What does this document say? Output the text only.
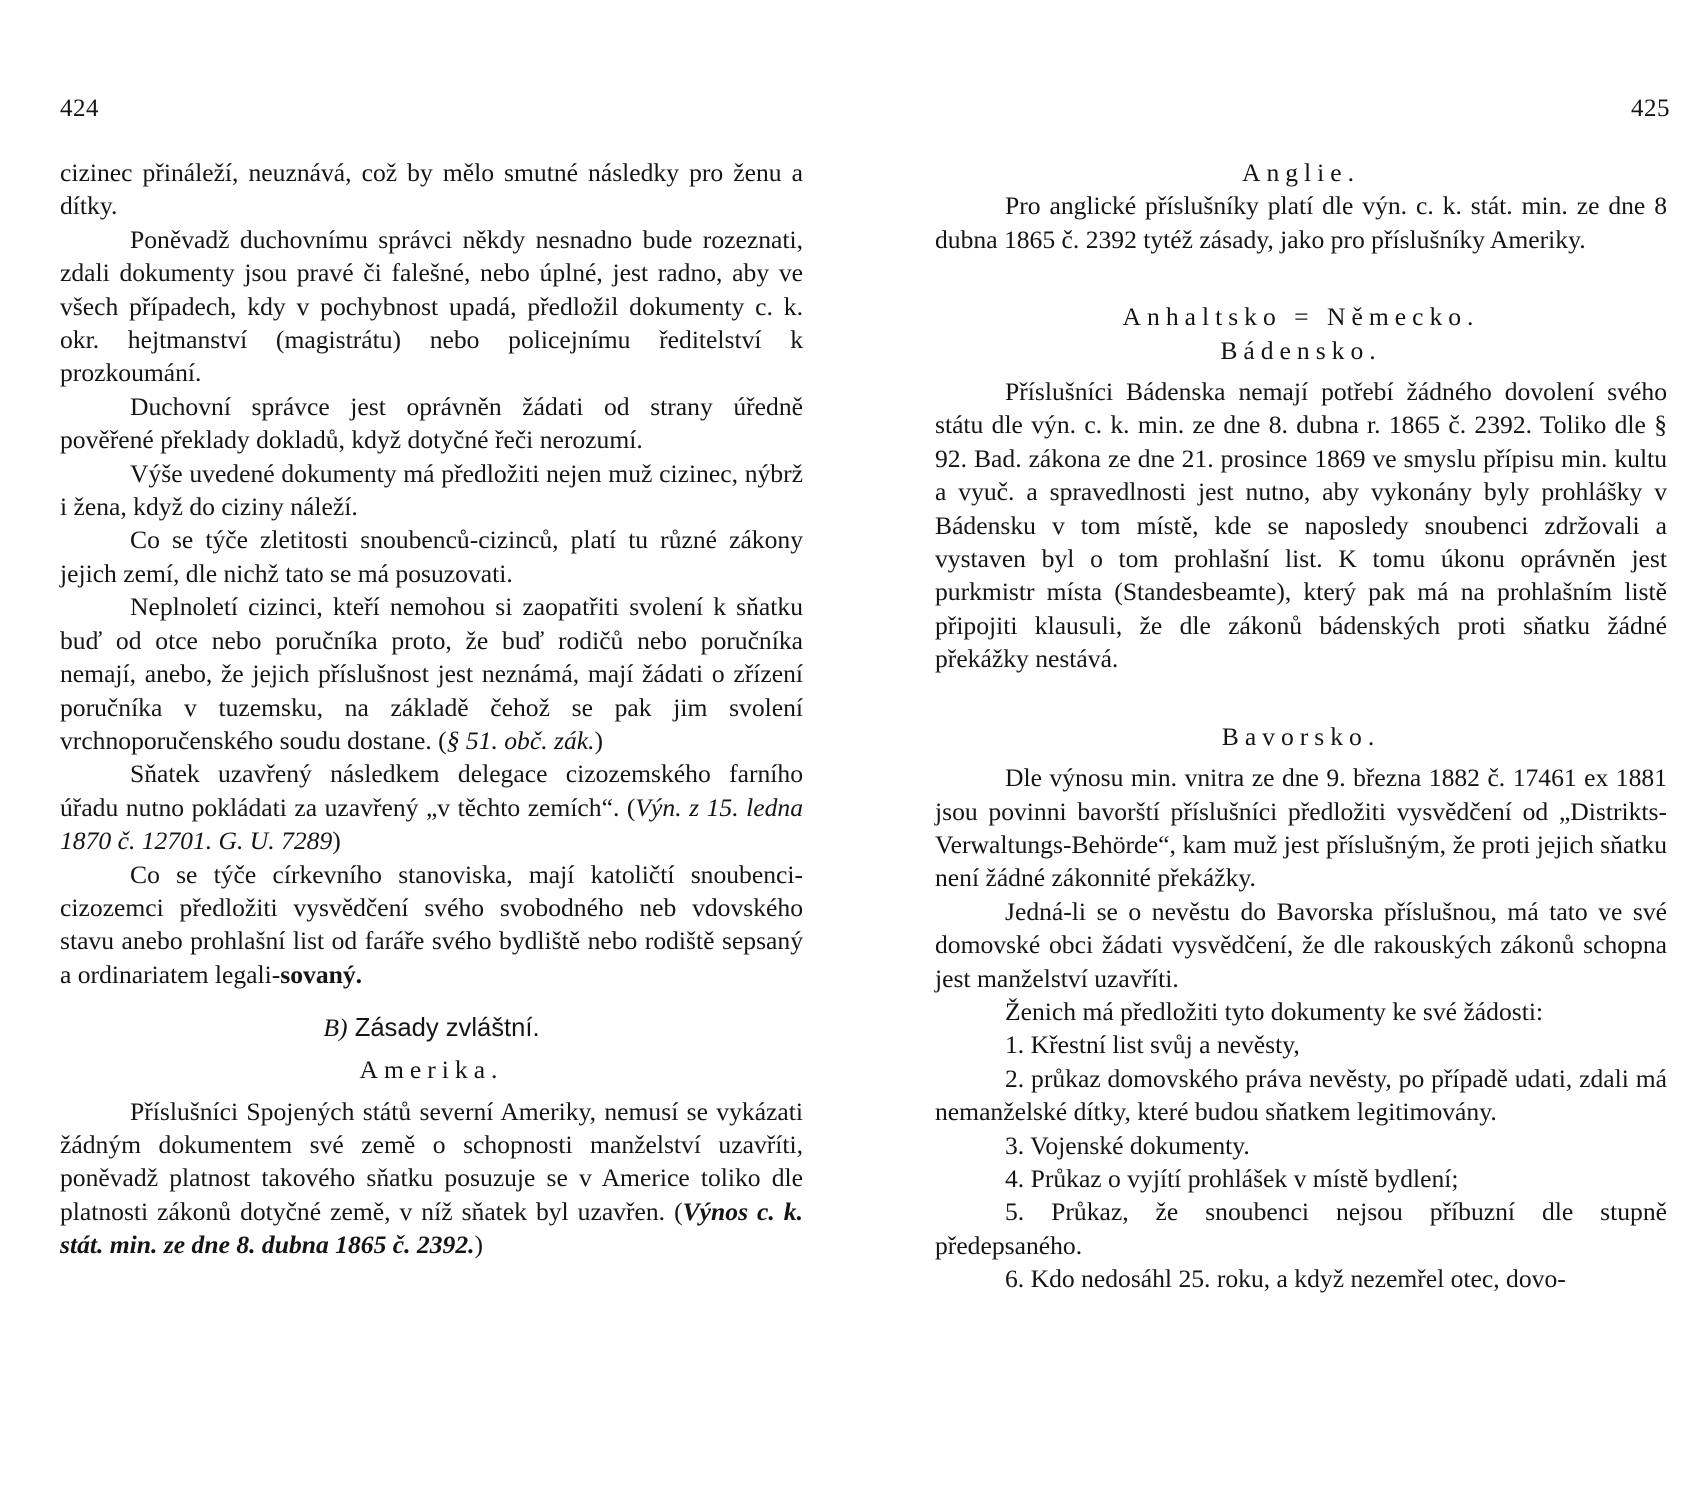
424	425

cizinec přináleží, neuznává, což by mělo smutné následky pro ženu a dítky.

Poněvadž duchovnímu správci někdy nesnadno bude rozeznati, zdali dokumenty jsou pravé či falešné, nebo úplné, jest radno, aby ve všech případech, kdy v pochybnost upadá, předložil dokumenty c. k. okr. hejtmanství (magistrátu) nebo policejnímu ředitelství k prozkoumání.

Duchovní správce jest oprávněn žádati od strany úředně pověřené překlady dokladů, když dotyčné řeči nerozumí.

Výše uvedené dokumenty má předložiti nejen muž cizinec, nýbrž i žena, když do ciziny náleží.

Co se týče zletitosti snoubenců-cizinců, platí tu různé zákony jejich zemí, dle nichž tato se má posuzovati.

Neplnoletí cizinci, kteří nemohou si zaopatřiti svolení k sňatku buď od otce nebo poručníka proto, že buď rodičů nebo poručníka nemají, anebo, že jejich příslušnost jest neznámá, mají žádati o zřízení poručníka v tuzemsku, na základě čehož se pak jim svolení vrchnoporučenského soudu dostane. (§ 51. obč. zák.)

Sňatek uzavřený následkem delegace cizozemského farního úřadu nutno pokládati za uzavřený „v těchto zemích“. (Výn. z 15. ledna 1870 č. 12701. G. U. 7289)

Co se týče církevního stanoviska, mají katoličtí snoubenci-cizozemci předložiti vysvědčení svého svobodného neb vdovského stavu anebo prohlašní list od faráře svého bydliště nebo rodiště sepsaný a ordinariatem legali-sovaný.

B) Zásady zvláštní.

Amerika.

Příslušníci Spojených států severní Ameriky, nemusí se vykázati žádným dokumentem své země o schopnosti manželství uzavříti, poněvadž platnost takového sňatku posuzuje se v Americe toliko dle platnosti zákonů dotyčné země, v níž sňatek byl uzavřen. (Výnos c. k. stát. min. ze dne 8. dubna 1865 č. 2392.)

Anglie.

Pro anglické příslušníky platí dle výn. c. k. stát. min. ze dne 8 dubna 1865 č. 2392 tytéž zásady, jako pro příslušníky Ameriky.

Anhaltsko = Německo.

Bádensko.

Příslušníci Bádenska nemají potřebí žádného dovolení svého státu dle výn. c. k. min. ze dne 8. dubna r. 1865 č. 2392. Toliko dle § 92. Bad. zákona ze dne 21. prosince 1869 ve smyslu přípisu min. kultu a vyuč. a spravedlnosti jest nutno, aby vykonány byly prohlášky v Bádensku v tom místě, kde se naposledy snoubenci zdržovali a vystaven byl o tom prohlašní list. K tomu úkonu oprávněn jest purkmistr místa (Standesbeamte), který pak má na prohlašním listě připojiti klausuli, že dle zákonů bádenských proti sňatku žádné překážky nestává.

Bavorsko.

Dle výnosu min. vnitra ze dne 9. března 1882 č. 17461 ex 1881 jsou povinni bavorští příslušníci předložiti vysvědčení od „Distrikts-Verwaltungs-Behörde“, kam muž jest příslušným, že proti jejich sňatku není žádné zákonnité překážky.

Jedná-li se o nevěstu do Bavorska příslušnou, má tato ve své domovské obci žádati vysvědčení, že dle rakouských zákonů schopna jest manželství uzavříti.

Ženich má předložiti tyto dokumenty ke své žádosti:

1. Křestní list svůj a nevěsty,

2. průkaz domovského práva nevěsty, po případě udati, zdali má nemanželské dítky, které budou sňatkem legitimovány.

3. Vojenské dokumenty.

4. Průkaz o vyjítí prohlášek v místě bydlení;

5. Průkaz, že snoubenci nejsou příbuzní dle stupně předepsaného.

6. Kdo nedosáhl 25. roku, a když nezemřel otec, dovo-
